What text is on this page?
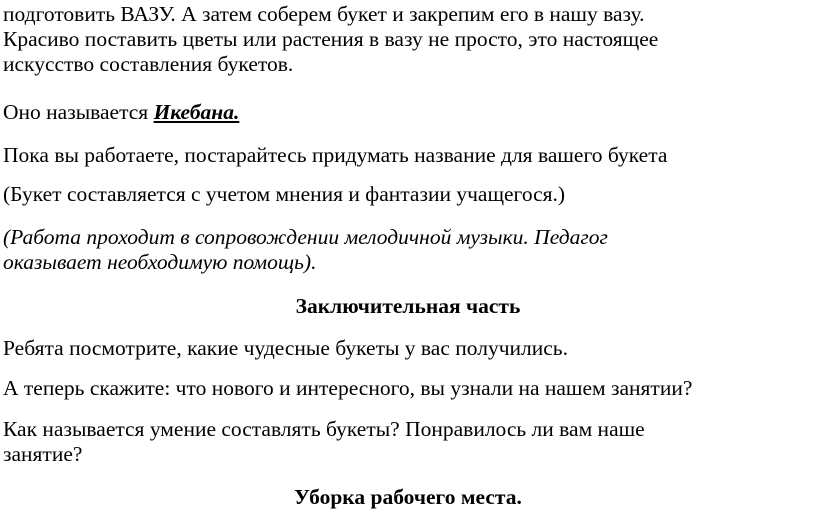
подготовить ВАЗУ. А затем соберем букет и закрепим его в нашу вазу.
Красиво поставить цветы или растения в вазу не просто, это настоящее
искусство составления букетов.

Оно называется Икебана.

Пока вы работаете, постарайтесь придумать название для вашего букета

(Букет составляется с учетом мнения и фантазии учащегося.)

(Работа проходит в сопровождении мелодичной музыки. Педагог
оказывает необходимую помощь).

Заключительная часть

Ребята посмотрите, какие чудесные букеты у вас получились.

А теперь скажите: что нового и интересного, вы узнали на нашем занятии?

Как называется умение составлять букеты? Понравилось ли вам наше
занятие?

Уборка рабочего места.
